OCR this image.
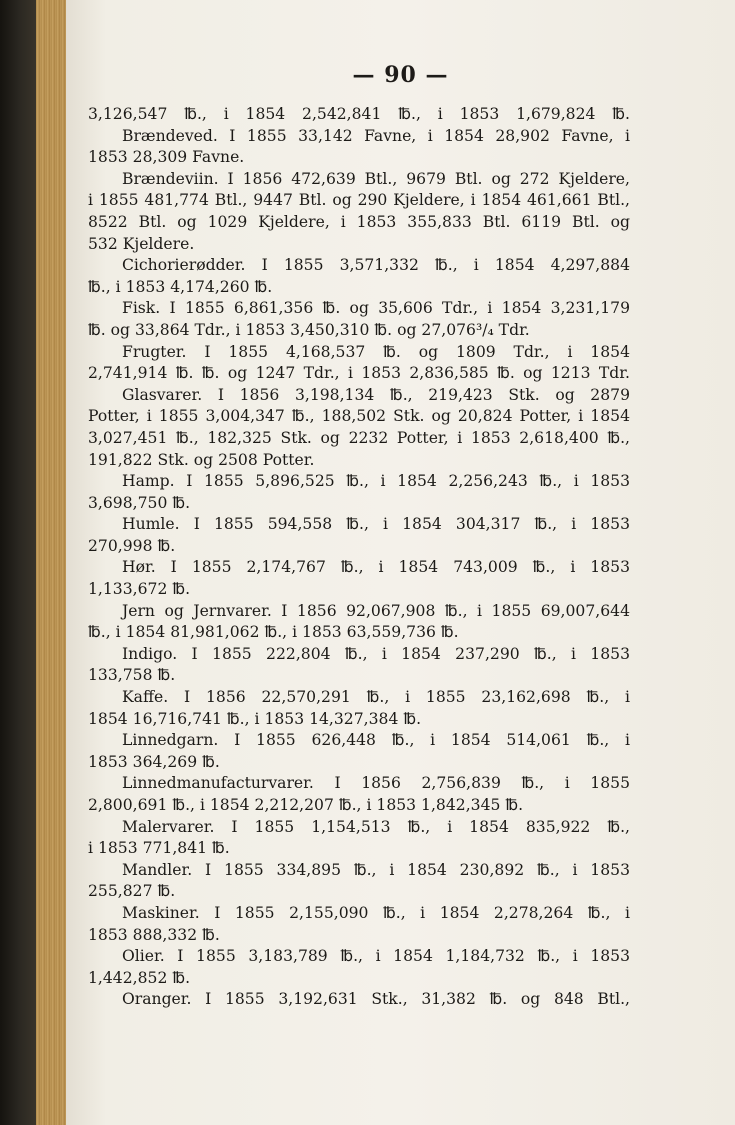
— 90 —
3,126,547 ℔., i 1854 2,542,841 ℔., i 1853 1,679,824 ℔.
Brændeved. I 1855 33,142 Favne, i 1854 28,902 Favne, i
1853 28,309 Favne.
Brændeviin. I 1856 472,639 Btl., 9679 Btl. og 272 Kjeldere,
i 1855 481,774 Btl., 9447 Btl. og 290 Kjeldere, i 1854 461,661 Btl.,
8522 Btl. og 1029 Kjeldere, i 1853 355,833 Btl. 6119 Btl. og
532 Kjeldere.
Cichorierødder. I 1855 3,571,332 ℔., i 1854 4,297,884
℔., i 1853 4,174,260 ℔.
Fisk. I 1855 6,861,356 ℔. og 35,606 Tdr., i 1854 3,231,179
℔. og 33,864 Tdr., i 1853 3,450,310 ℔. og 27,076³/₄ Tdr.
Frugter. I 1855 4,168,537 ℔. og 1809 Tdr., i 1854
2,741,914 ℔. ℔. og 1247 Tdr., i 1853 2,836,585 ℔. og 1213 Tdr.
Glasvarer. I 1856 3,198,134 ℔., 219,423 Stk. og 2879
Potter, i 1855 3,004,347 ℔., 188,502 Stk. og 20,824 Potter, i 1854
3,027,451 ℔., 182,325 Stk. og 2232 Potter, i 1853 2,618,400 ℔.,
191,822 Stk. og 2508 Potter.
Hamp. I 1855 5,896,525 ℔., i 1854 2,256,243 ℔., i 1853
3,698,750 ℔.
Humle. I 1855 594,558 ℔., i 1854 304,317 ℔., i 1853
270,998 ℔.
Hør. I 1855 2,174,767 ℔., i 1854 743,009 ℔., i 1853
1,133,672 ℔.
Jern og Jernvarer. I 1856 92,067,908 ℔., i 1855 69,007,644
℔., i 1854 81,981,062 ℔., i 1853 63,559,736 ℔.
Indigo. I 1855 222,804 ℔., i 1854 237,290 ℔., i 1853
133,758 ℔.
Kaffe. I 1856 22,570,291 ℔., i 1855 23,162,698 ℔., i
1854 16,716,741 ℔., i 1853 14,327,384 ℔.
Linnedgarn. I 1855 626,448 ℔., i 1854 514,061 ℔., i
1853 364,269 ℔.
Linnedmanufacturvarer. I 1856 2,756,839 ℔., i 1855
2,800,691 ℔., i 1854 2,212,207 ℔., i 1853 1,842,345 ℔.
Malervarer. I 1855 1,154,513 ℔., i 1854 835,922 ℔.,
i 1853 771,841 ℔.
Mandler. I 1855 334,895 ℔., i 1854 230,892 ℔., i 1853
255,827 ℔.
Maskiner. I 1855 2,155,090 ℔., i 1854 2,278,264 ℔., i
1853 888,332 ℔.
Olier. I 1855 3,183,789 ℔., i 1854 1,184,732 ℔., i 1853
1,442,852 ℔.
Oranger. I 1855 3,192,631 Stk., 31,382 ℔. og 848 Btl.,
